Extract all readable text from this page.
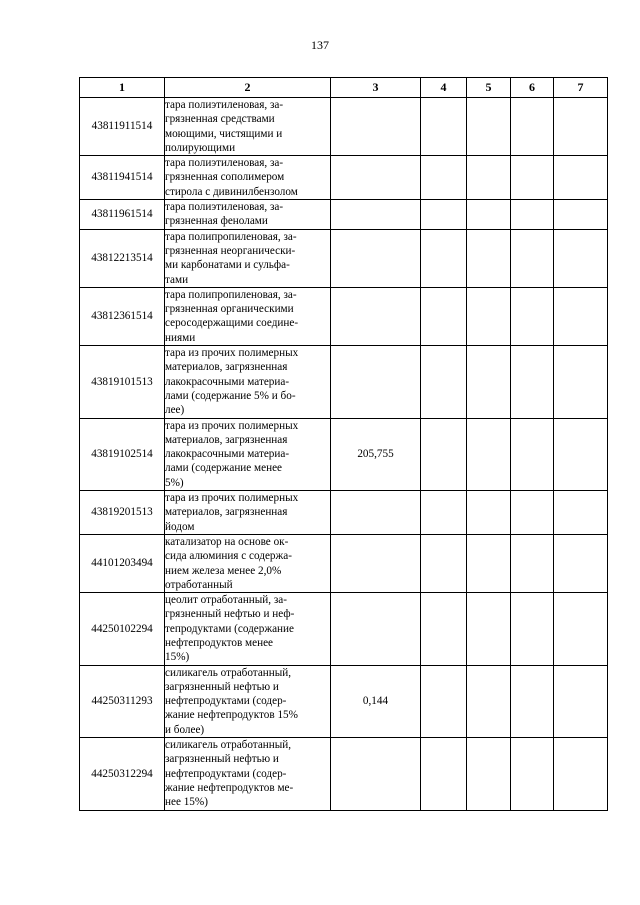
137
1	2	3	4	5	6	7
43811911514	тара полиэтиленовая, за-
грязненная средствами
моющими, чистящими и
полирующими					

43811941514	тара полиэтиленовая, за-
грязненная сополимером
стирола с дивинилбензолом					

43811961514	тара полиэтиленовая, за-
грязненная фенолами					

43812213514	тара полипропиленовая, за-
грязненная неорганически-
ми карбонатами и сульфа-
тами					

43812361514	тара полипропиленовая, за-
грязненная органическими
серосодержащими соедине-
ниями					

43819101513	тара из прочих полимерных
материалов, загрязненная
лакокрасочными материа-
лами (содержание 5% и бо-
лее)					

43819102514	тара из прочих полимерных
материалов, загрязненная
лакокрасочными материа-
лами (содержание менее
5%)	205,755				
43819201513	тара из прочих полимерных
материалов, загрязненная
йодом					

44101203494	катализатор на основе ок-
сида алюминия с содержа-
нием железа менее 2,0%
отработанный					

44250102294	цеолит отработанный, за-
грязненный нефтью и неф-
тепродуктами (содержание
нефтепродуктов менее
15%)					

44250311293	силикагель отработанный,
загрязненный нефтью и
нефтепродуктами (содер-
жание нефтепродуктов 15%
и более)	0,144				
44250312294	силикагель отработанный,
загрязненный нефтью и
нефтепродуктами (содер-
жание нефтепродуктов ме-
нее 15%)					
